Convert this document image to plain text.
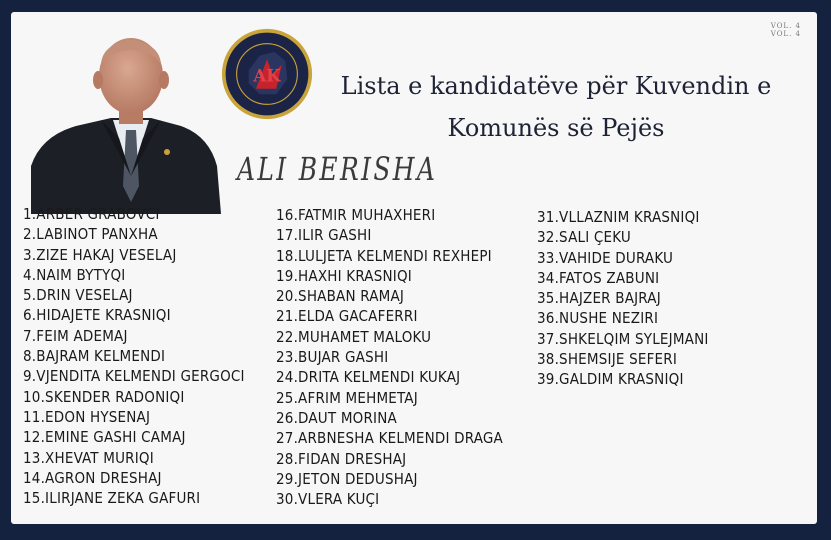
VOL. 4
VOL. 4
AK	Lista e kandidatëve për Kuvendin e
Komunës së Pejës
ALI BERISHA
1.ARBER GRABOVCI
2.LABINOT PANXHA
3.ZIZE HAKAJ VESELAJ
4.NAIM BYTYQI
5.DRIN VESELAJ
6.HIDAJETE KRASNIQI
7.FEIM ADEMAJ
8.BAJRAM KELMENDI
9.VJENDITA KELMENDI GERGOCI
10.SKENDER RADONIQI
11.EDON HYSENAJ
12.EMINE GASHI CAMAJ
13.XHEVAT MURIQI
14.AGRON DRESHAJ
15.ILIRJANE ZEKA GAFURI
16.FATMIR MUHAXHERI
17.ILIR GASHI
18.LULJETA KELMENDI REXHEPI
19.HAXHI KRASNIQI
20.SHABAN RAMAJ
21.ELDA GACAFERRI
22.MUHAMET MALOKU
23.BUJAR GASHI
24.DRITA KELMENDI KUKAJ
25.AFRIM MEHMETAJ
26.DAUT MORINA
27.ARBNESHA KELMENDI DRAGA
28.FIDAN DRESHAJ
29.JETON DEDUSHAJ
30.VLERA KUÇI
31.VLLAZNIM KRASNIQI
32.SALI ÇEKU
33.VAHIDE DURAKU
34.FATOS ZABUNI
35.HAJZER BAJRAJ
36.NUSHE NEZIRI
37.SHKELQIM SYLEJMANI
38.SHEMSIJE SEFERI
39.GALDIM KRASNIQI
